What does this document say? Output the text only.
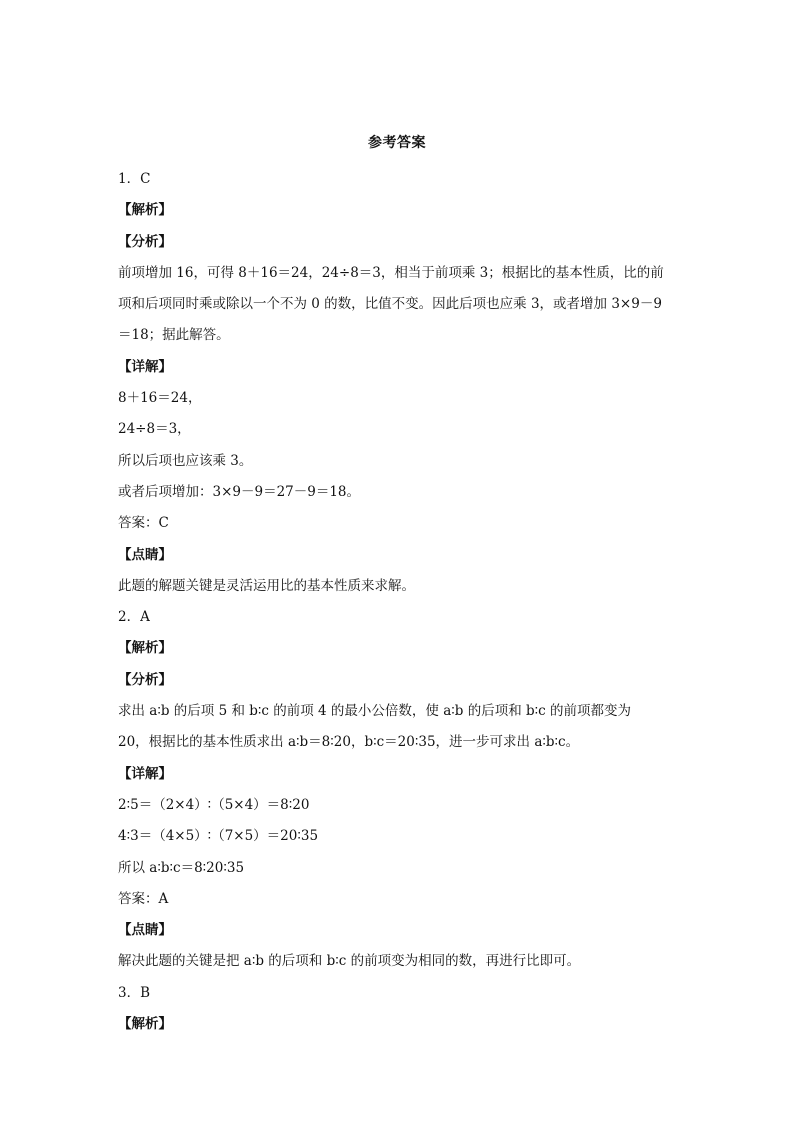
参考答案
1．C
【解析】
【分析】
前项增加 16，可得 8＋16＝24，24÷8＝3，相当于前项乘 3；根据比的基本性质，比的前
项和后项同时乘或除以一个不为 0 的数，比值不变。因此后项也应乘 3，或者增加 3×9－9
＝18；据此解答。
【详解】
8＋16＝24，
24÷8＝3，
所以后项也应该乘 3。
或者后项增加：3×9－9＝27－9＝18。
答案：C
【点睛】
此题的解题关键是灵活运用比的基本性质来求解。
2．A
【解析】
【分析】
求出 a∶b 的后项 5 和 b∶c 的前项 4 的最小公倍数，使 a∶b 的后项和 b∶c 的前项都变为
20，根据比的基本性质求出 a∶b＝8∶20，b∶c＝20∶35，进一步可求出 a∶b∶c。
【详解】
2∶5＝（2×4）∶（5×4）＝8∶20
4∶3＝（4×5）∶（7×5）＝20∶35
所以 a∶b∶c＝8∶20∶35
答案：A
【点睛】
解决此题的关键是把 a∶b 的后项和 b∶c 的前项变为相同的数，再进行比即可。
3．B
【解析】
